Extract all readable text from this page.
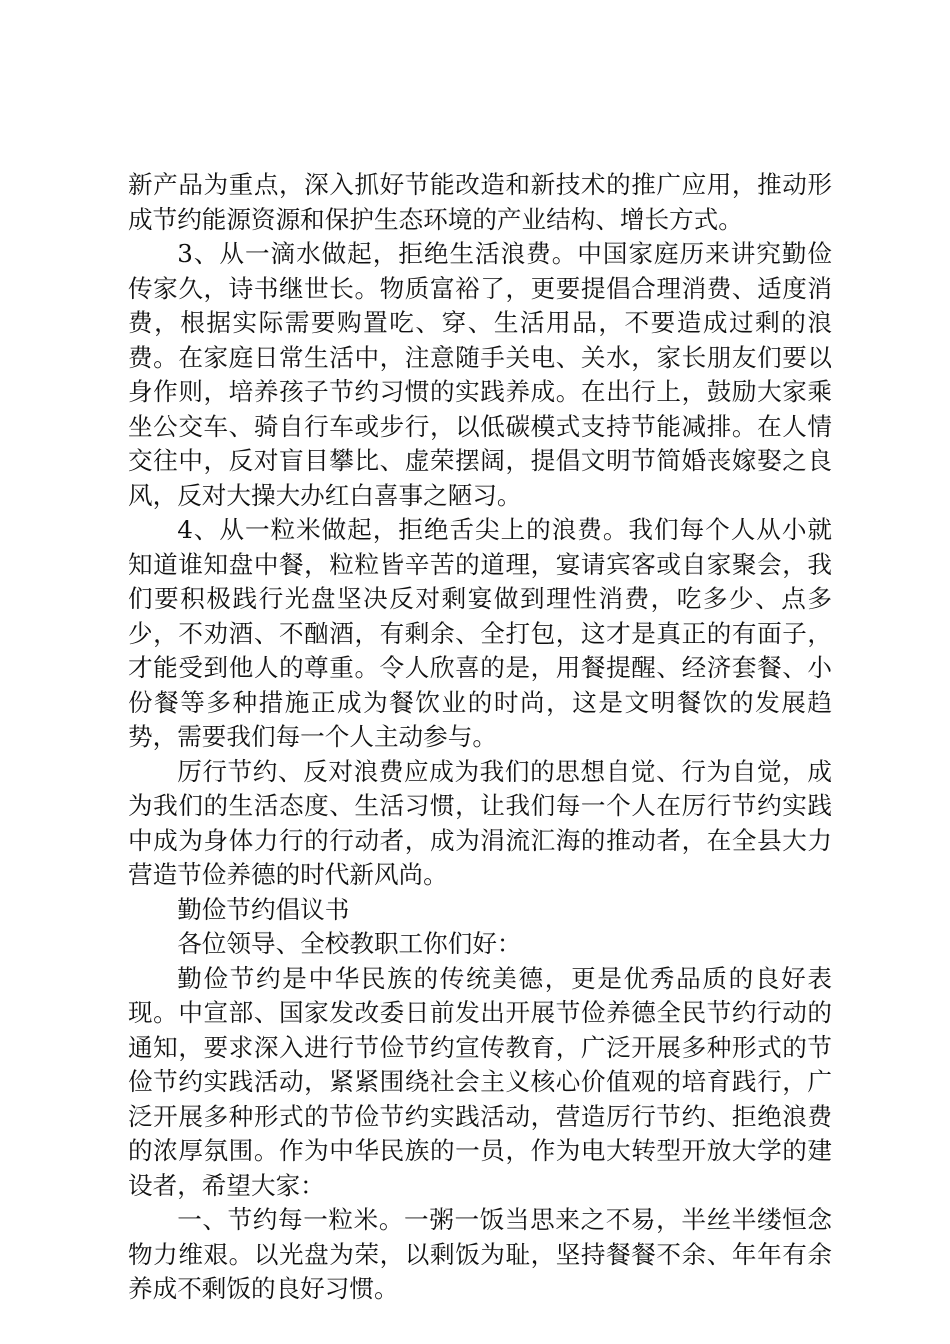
新产品为重点，深入抓好节能改造和新技术的推广应用，推动形成节约能源资源和保护生态环境的产业结构、增长方式。

3、从一滴水做起，拒绝生活浪费。中国家庭历来讲究勤俭传家久，诗书继世长。物质富裕了，更要提倡合理消费、适度消费，根据实际需要购置吃、穿、生活用品，不要造成过剩的浪费。在家庭日常生活中，注意随手关电、关水，家长朋友们要以身作则，培养孩子节约习惯的实践养成。在出行上，鼓励大家乘坐公交车、骑自行车或步行，以低碳模式支持节能减排。在人情交往中，反对盲目攀比、虚荣摆阔，提倡文明节简婚丧嫁娶之良风，反对大操大办红白喜事之陋习。

4、从一粒米做起，拒绝舌尖上的浪费。我们每个人从小就知道谁知盘中餐，粒粒皆辛苦的道理，宴请宾客或自家聚会，我们要积极践行光盘坚决反对剩宴做到理性消费，吃多少、点多少，不劝酒、不酗酒，有剩余、全打包，这才是真正的有面子，才能受到他人的尊重。令人欣喜的是，用餐提醒、经济套餐、小份餐等多种措施正成为餐饮业的时尚，这是文明餐饮的发展趋势，需要我们每一个人主动参与。

厉行节约、反对浪费应成为我们的思想自觉、行为自觉，成为我们的生活态度、生活习惯，让我们每一个人在厉行节约实践中成为身体力行的行动者，成为涓流汇海的推动者，在全县大力营造节俭养德的时代新风尚。

勤俭节约倡议书

各位领导、全校教职工你们好：

勤俭节约是中华民族的传统美德，更是优秀品质的良好表现。中宣部、国家发改委日前发出开展节俭养德全民节约行动的通知，要求深入进行节俭节约宣传教育，广泛开展多种形式的节俭节约实践活动，紧紧围绕社会主义核心价值观的培育践行，广泛开展多种形式的节俭节约实践活动，营造厉行节约、拒绝浪费的浓厚氛围。作为中华民族的一员，作为电大转型开放大学的建设者，希望大家：

一、节约每一粒米。一粥一饭当思来之不易，半丝半缕恒念物力维艰。以光盘为荣，以剩饭为耻，坚持餐餐不余、年年有余养成不剩饭的良好习惯。
